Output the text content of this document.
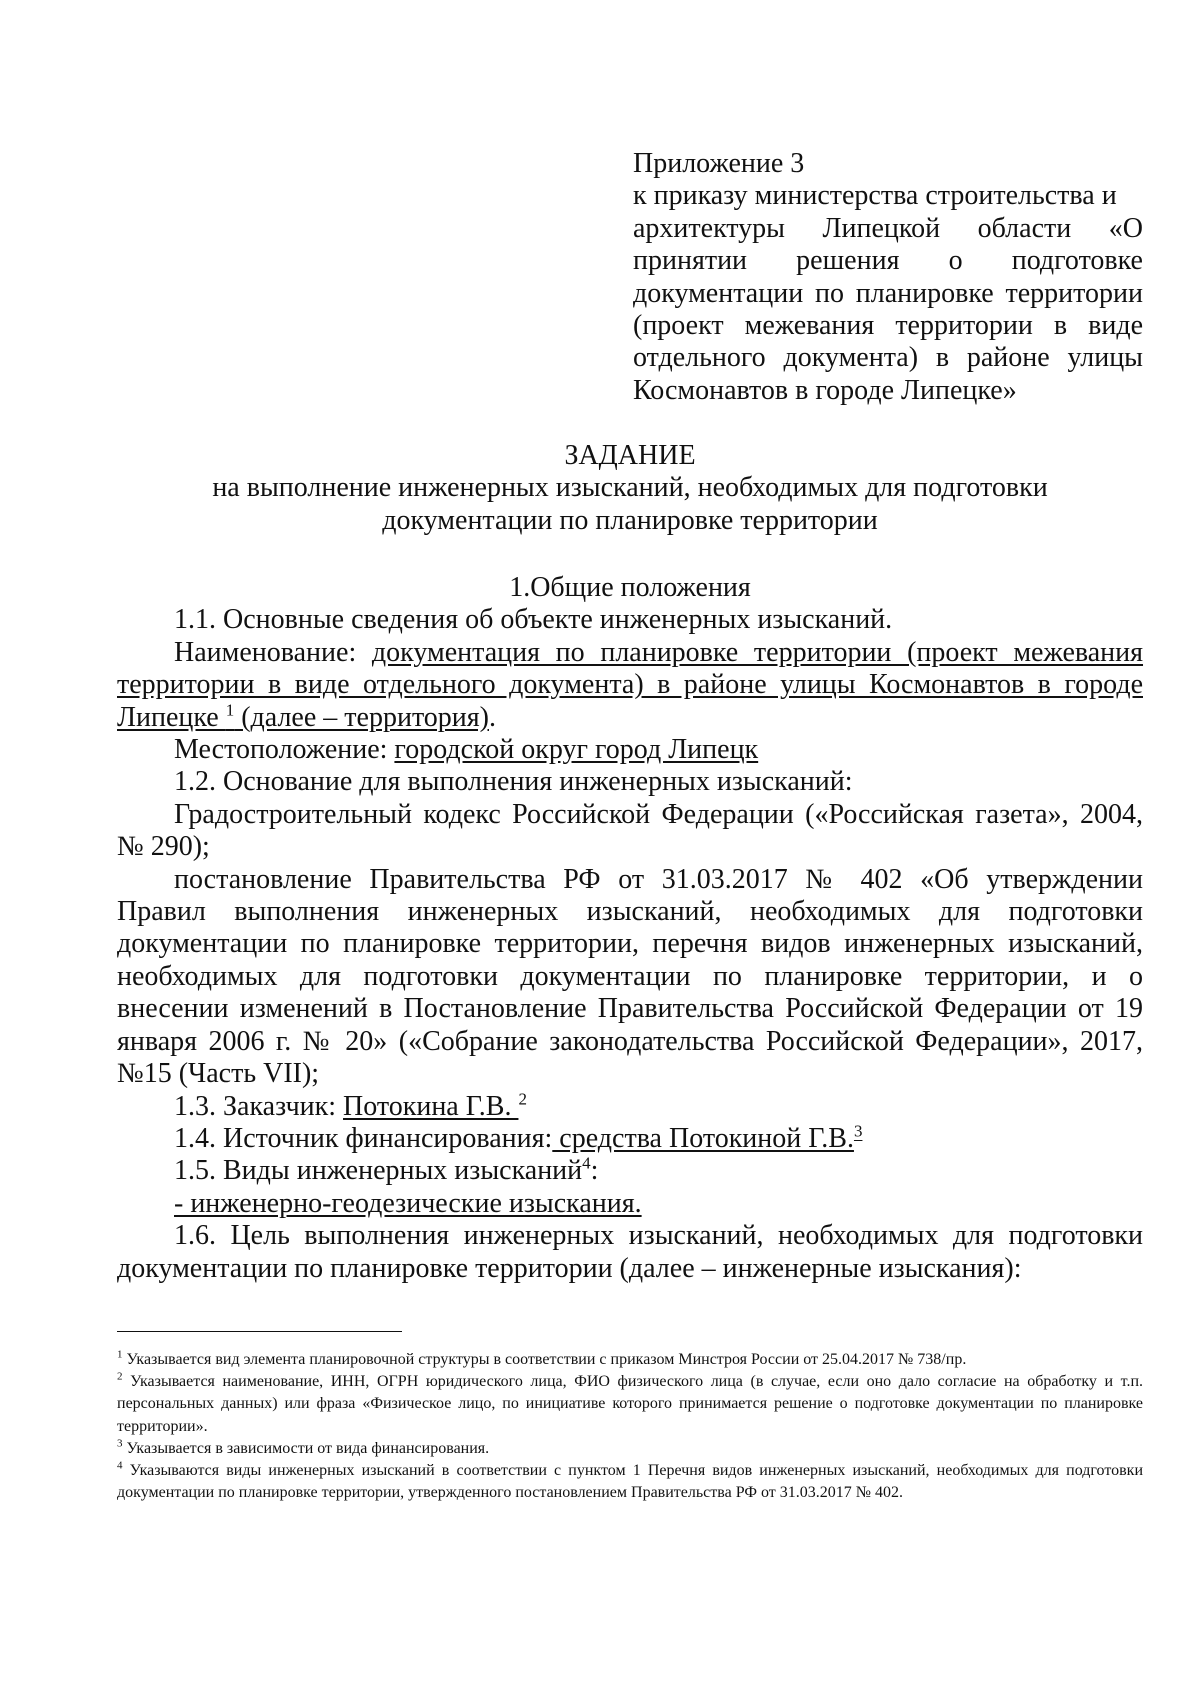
Приложение 3
к приказу министерства строительства и
архитектуры Липецкой области «О
принятии решения о подготовке
документации по планировке территории
(проект межевания территории в виде
отдельного документа) в районе улицы
Космонавтов в городе Липецке»
ЗАДАНИЕ
на выполнение инженерных изысканий, необходимых для подготовки
документации по планировке территории
1.Общие положения
1.1. Основные сведения об объекте инженерных изысканий.
Наименование: документация по планировке территории (проект межевания
территории в виде отдельного документа) в районе улицы Космонавтов в городе
Липецке $^1$ (далее – территория).
Местоположение: городской округ город Липецк
1.2. Основание для выполнения инженерных изысканий:
Градостроительный кодекс Российской Федерации («Российская газета», 2004,
№ 290);
постановление Правительства РФ от 31.03.2017 № 402 «Об утверждении
Правил выполнения инженерных изысканий, необходимых для подготовки
документации по планировке территории, перечня видов инженерных изысканий,
необходимых для подготовки документации по планировке территории, и о
внесении изменений в Постановление Правительства Российской Федерации от 19
января 2006 г. № 20» («Собрание законодательства Российской Федерации», 2017,
№15 (Часть VII);
1.3. Заказчик: Потокина Г.В. $^2$
1.4. Источник финансирования: средства Потокиной Г.В.$^3$
1.5. Виды инженерных изысканий$^4$:
- инженерно-геодезические изыскания.
1.6. Цель выполнения инженерных изысканий, необходимых для подготовки
документации по планировке территории (далее – инженерные изыскания):
$^1$ Указывается вид элемента планировочной структуры в соответствии с приказом Минстроя России от 25.04.2017 № 738/пр.
$^2$ Указывается наименование, ИНН, ОГРН юридического лица, ФИО физического лица (в случае, если оно дало согласие на обработку и т.п. персональных данных) или фраза «Физическое лицо, по инициативе которого принимается решение о подготовке документации по планировке территории».
$^3$ Указывается в зависимости от вида финансирования.
$^4$ Указываются виды инженерных изысканий в соответствии с пунктом 1 Перечня видов инженерных изысканий, необходимых для подготовки документации по планировке территории, утвержденного постановлением Правительства РФ от 31.03.2017 № 402.
